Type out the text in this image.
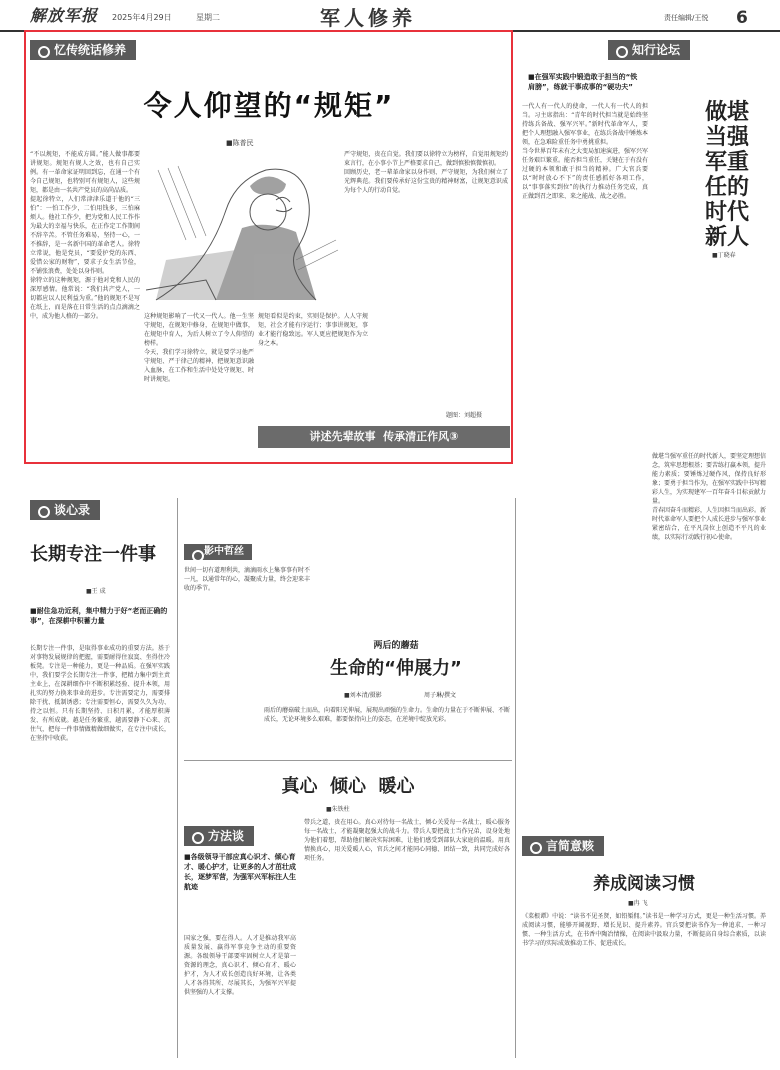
解放军报 2025年4月29日	星期二	军人修养	责任编辑/王悦 6
忆传统话修养
令人仰望的“规矩”
■陈普民

“不以规矩，不能成方圆。”能人做事都要讲规矩。规矩有规人之效，也有自己实例。有一革命家证明回到忘，在通一个有今自己规矩，也特别可有规矩人，这些规矩，都是由一名共产党员的高尚品质。

提起徐特立，人们常津津乐道于他的“三怕”：一怕工作少，二怕用钱多，三怕麻烦人。他社工作少，把为党和人民工作作为最大的幸福与快乐，在正作定工作期间不辞辛苦。不管任务难易，坚持一心，一不推辞，是一名新中国的革命老人。徐特立常说，他是党员，“要爱护党的东西、爱惜公家的财物”，要求子女生活节俭，不铺张浪费，处处以身作则。

徐特立的这种规矩，源于他对党和人民的深厚感情。他常说：“我们共产党人，一切都应以人民利益为重。”他的规矩不是写在纸上，而是落在日常生活的点点滴滴之中，成为他人格的一部分。	这种规矩影响了一代又一代人。他一生坚守规矩，在规矩中修身，在规矩中做事，在规矩中育人，为后人树立了令人仰望的榜样。

今天，我们学习徐特立，就是要学习他严守规矩、严于律己的精神，把规矩意识融入血脉，在工作和生活中处处守规矩、时时讲规矩。

规矩看似是约束，实则是保护。人人守规矩，社会才能有序运行；事事讲规矩，事业才能行稳致远。军人更应把规矩作为立身之本。

严守规矩，贵在自觉。我们要以徐特立为榜样，自觉用规矩约束言行，在小事小节上严格要求自己，做到慎独慎微慎初。

回顾历史，老一辈革命家以身作则、严守规矩，为我们树立了光辉典范。我们要传承好这份宝贵的精神财富，让规矩意识成为每个人的行动自觉。

题图：刘超摄
讲述先辈故事  传承清正作风③
知行论坛
■在强军实践中锻造敢于担当的“铁肩膀”，练就干事成事的“硬功夫”
做堪
当强
军重
任的
时代
新人
■丁晓春

一代人有一代人的使命，一代人有一代人的担当。习主席指出：“青年的时代担当就是始终坚持练兵备战、强军兴军。”新时代革命军人，要把个人理想融入强军事业，在练兵备战中锤炼本领，在急难险重任务中勇挑重担。

当今世界百年未有之大变局加速演进，强军兴军任务艰巨繁重。能否担当重任，关键在于有没有过硬的本领和敢于担当的精神。广大官兵要以“时时放心不下”的责任感抓好各项工作，以“事事落实到位”的执行力推动任务完成，真正做到召之即来、来之能战、战之必胜。

做堪当强军重任的时代新人，要坚定理想信念，筑牢思想根基；要苦练打赢本领，提升能力素质；要锤炼过硬作风，保持良好形象；要勇于担当作为，在强军实践中书写精彩人生，为实现建军一百年奋斗目标贡献力量。

青春因奋斗而精彩，人生因担当而出彩。新时代革命军人要把个人成长进步与强军事业紧密结合，在平凡岗位上创造不平凡的业绩，以实际行动践行初心使命。

谈心录
长期专注一件事
■王 成
■耐住急功近利，集中精力于好“老而正确的事”，在深耕中积蓄力量
长期专注一件事，是取得事业成功的重要方法。基于对事物发展规律的把握，需要耐得住寂寞、坐得住冷板凳。专注是一种能力，更是一种品质。在强军实践中，我们要学会长期专注一件事，把精力集中到主责主业上，在深耕细作中不断积累经验、提升本领，用扎实的努力换来事业的进步。专注需要定力，需要排除干扰、抵制诱惑；专注需要恒心，需要久久为功、持之以恒。只有长期坚持、日积月累，才能厚积薄发、有所成就。越是任务繁重，越需要静下心来、沉住气，把每一件事情做精做细做实，在专注中成长，在坚持中收获。
影中哲丝
世间一切有道理利共，滴滴雨水上集事事有时不一凡，以通常年的心，凝聚成力量，终会迎来丰收的季节。
两后的蘑菇
生命的“伸展力”
■刘本清/摄影	周子琳/撰文
雨后的蘑菇破土而出，向着阳光伸展，展现出顽强的生命力。生命的力量在于不断伸展、不断成长，无论环境多么艰难，都要保持向上的姿态，在逆境中绽放光彩。
真心  倾心  暖心
■朱铁柱
带兵之道，贵在用心。真心对待每一名战士，倾心关爱每一名战士，暖心服务每一名战士，才能凝聚起强大的战斗力。带兵人要把战士当作兄弟，设身处地为他们着想，帮助他们解决实际困难，让他们感受到部队大家庭的温暖。用真情换真心，用关爱暖人心，官兵之间才能同心同德、团结一致，共同完成好各项任务。
方法谈
■各级领导干部应真心识才、倾心育才、暖心护才，让更多的人才茁壮成长，逐梦军营，为强军兴军标注人生航迹
国家之强，要在得人。人才是推动我军高质量发展、赢得军事竞争主动的重要资源。各级领导干部要牢固树立人才是第一资源的理念，真心识才、倾心育才、暖心护才，为人才成长创造良好环境，让各类人才各得其所、尽展其长，为强军兴军提供坚强的人才支撑。
言简意赅
养成阅读习惯
■冉 飞
《菜根谭》中说：“读书不见圣贤，如铅椠佣。”读书是一种学习方式，更是一种生活习惯。养成阅读习惯，能够开阔视野、增长见识、提升素养。官兵要把读书作为一种追求、一种习惯、一种生活方式，在书香中陶冶情操，在阅读中汲取力量，不断提高自身综合素质，以读书学习的实际成效推动工作、促进成长。
